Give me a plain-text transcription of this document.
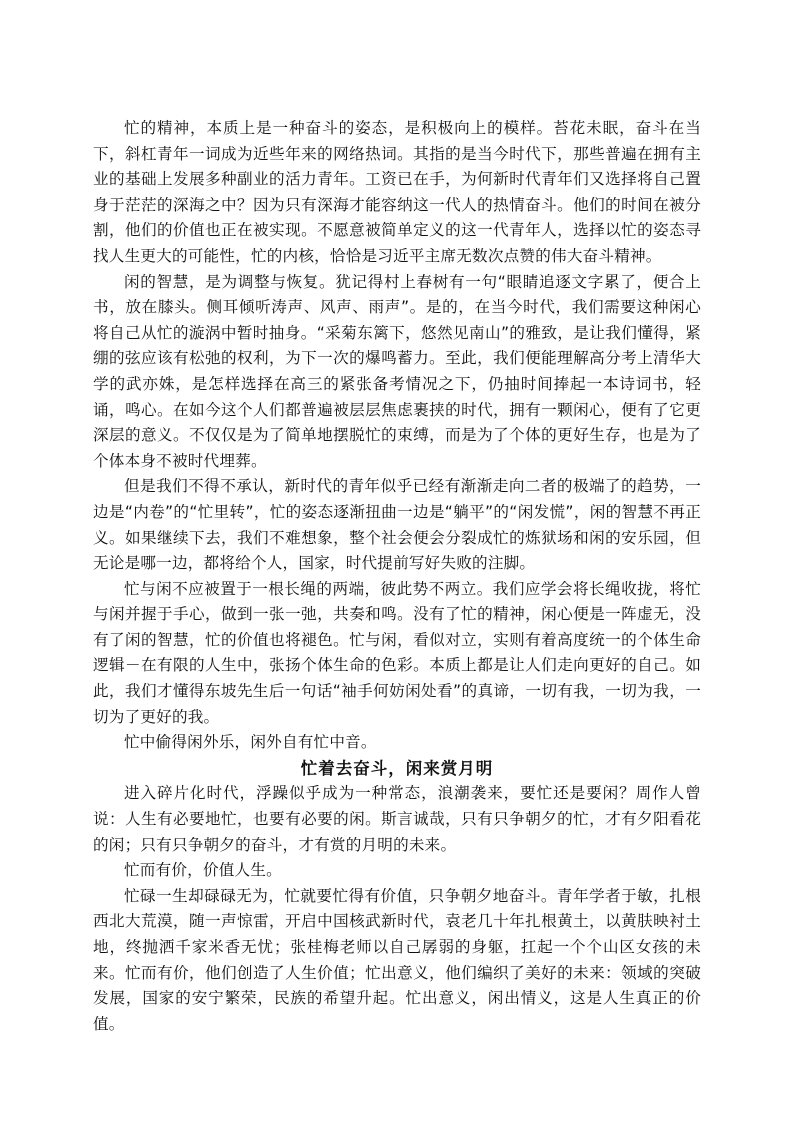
忙的精神，本质上是一种奋斗的姿态，是积极向上的模样。苔花未眠，奋斗在当下，斜杠青年一词成为近些年来的网络热词。其指的是当今时代下，那些普遍在拥有主业的基础上发展多种副业的活力青年。工资已在手，为何新时代青年们又选择将自己置身于茫茫的深海之中？因为只有深海才能容纳这一代人的热情奋斗。他们的时间在被分割，他们的价值也正在被实现。不愿意被简单定义的这一代青年人，选择以忙的姿态寻找人生更大的可能性，忙的内核，恰恰是习近平主席无数次点赞的伟大奋斗精神。

闲的智慧，是为调整与恢复。犹记得村上春树有一句“眼睛追逐文字累了，便合上书，放在膝头。侧耳倾听涛声、风声、雨声”。是的，在当今时代，我们需要这种闲心将自己从忙的漩涡中暂时抽身。“采菊东篱下，悠然见南山”的雅致，是让我们懂得，紧绷的弦应该有松弛的权利，为下一次的爆鸣蓄力。至此，我们便能理解高分考上清华大学的武亦姝，是怎样选择在高三的紧张备考情况之下，仍抽时间捧起一本诗词书，轻诵，鸣心。在如今这个人们都普遍被层层焦虑裹挟的时代，拥有一颗闲心，便有了它更深层的意义。不仅仅是为了简单地摆脱忙的束缚，而是为了个体的更好生存，也是为了个体本身不被时代埋葬。

但是我们不得不承认，新时代的青年似乎已经有渐渐走向二者的极端了的趋势，一边是“内卷”的“忙里转”，忙的姿态逐渐扭曲一边是“躺平”的“闲发慌”，闲的智慧不再正义。如果继续下去，我们不难想象，整个社会便会分裂成忙的炼狱场和闲的安乐园，但无论是哪一边，都将给个人，国家，时代提前写好失败的注脚。

忙与闲不应被置于一根长绳的两端，彼此势不两立。我们应学会将长绳收拢，将忙与闲并握于手心，做到一张一弛，共奏和鸣。没有了忙的精神，闲心便是一阵虚无，没有了闲的智慧，忙的价值也将褪色。忙与闲，看似对立，实则有着高度统一的个体生命逻辑－在有限的人生中，张扬个体生命的色彩。本质上都是让人们走向更好的自己。如此，我们才懂得东坡先生后一句话“袖手何妨闲处看”的真谛，一切有我，一切为我，一切为了更好的我。

忙中偷得闲外乐，闲外自有忙中音。

忙着去奋斗，闲来赏月明

进入碎片化时代，浮躁似乎成为一种常态，浪潮袭来，要忙还是要闲？周作人曾说：人生有必要地忙，也要有必要的闲。斯言诚哉，只有只争朝夕的忙，才有夕阳看花的闲；只有只争朝夕的奋斗，才有赏的月明的未来。

忙而有价，价值人生。

忙碌一生却碌碌无为，忙就要忙得有价值，只争朝夕地奋斗。青年学者于敏，扎根西北大荒漠，随一声惊雷，开启中国核武新时代，袁老几十年扎根黄土，以黄肤映衬土地，终抛洒千家米香无忧；张桂梅老师以自己孱弱的身躯，扛起一个个山区女孩的未来。忙而有价，他们创造了人生价值；忙出意义，他们编织了美好的未来：领域的突破发展，国家的安宁繁荣，民族的希望升起。忙出意义，闲出情义，这是人生真正的价值。
